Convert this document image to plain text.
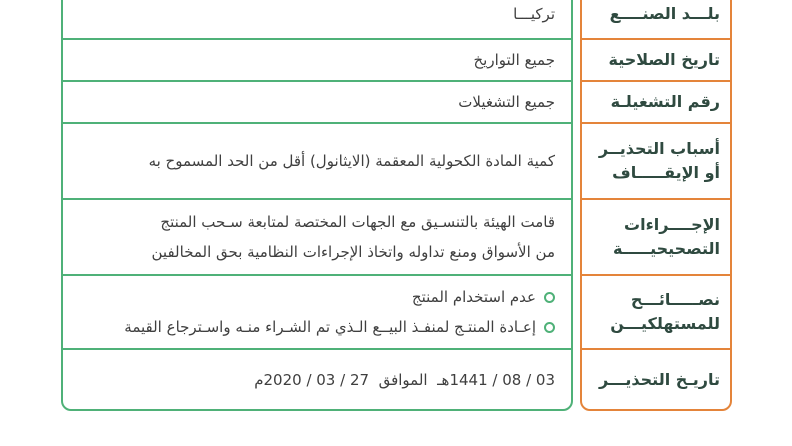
بلـــد الصنــــع
تاريخ الصلاحية
رقم التشغيلـة
أسباب التحذيــر
أو الإيقـــــاف
الإجــــراءات
التصحيحيـــــة
نصـــــائـــح
للمستهلكيـــن
تاريـخ التحذيـــر
تركيـــا
جميع التواريخ
جميع التشغيلات
كمية المادة الكحولية المعقمة (الايثانول) أقل من الحد المسموح به
قامت الهيئة بالتنسـيق مع الجهات المختصة لمتابعة سـحب المنتج
من الأسواق ومنع تداوله واتخاذ الإجراءات النظامية بحق المخالفين
عدم استخدام المنتج
إعـادة المنتـج لمنفـذ البيــع الـذي تم الشـراء منـه واسـترجاع القيمة
03 / 08 / 1441هـ  الموافق  27 / 03 / 2020م
